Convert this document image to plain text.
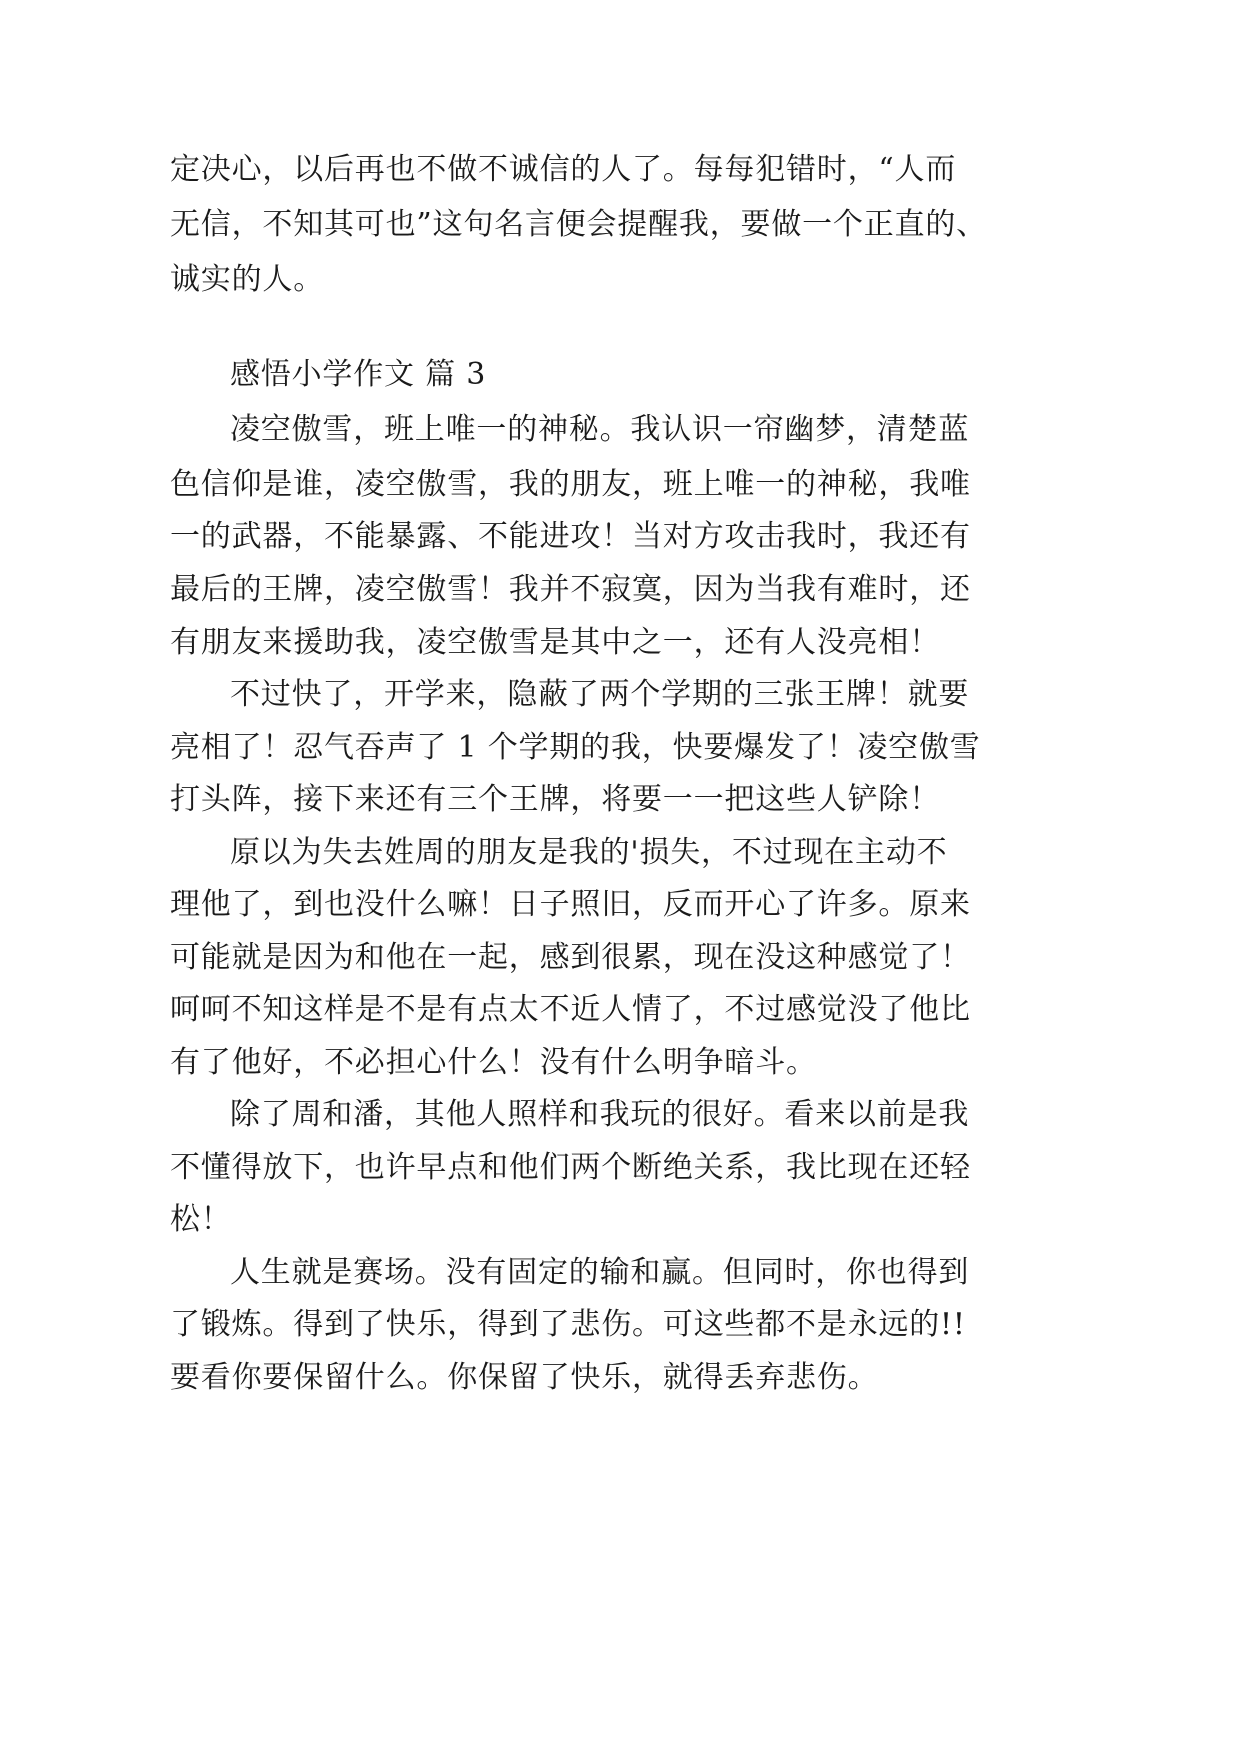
定决心，以后再也不做不诚信的人了。每每犯错时，“人而
无信，不知其可也”这句名言便会提醒我，要做一个正直的、
诚实的人。
感悟小学作文 篇 3
凌空傲雪，班上唯一的神秘。我认识一帘幽梦，清楚蓝
色信仰是谁，凌空傲雪，我的朋友，班上唯一的神秘，我唯
一的武器，不能暴露、不能进攻！当对方攻击我时，我还有
最后的王牌，凌空傲雪！我并不寂寞，因为当我有难时，还
有朋友来援助我，凌空傲雪是其中之一，还有人没亮相！
不过快了，开学来，隐蔽了两个学期的三张王牌！就要
亮相了！忍气吞声了 1 个学期的我，快要爆发了！凌空傲雪
打头阵，接下来还有三个王牌，将要一一把这些人铲除！
原以为失去姓周的朋友是我的'损失，不过现在主动不
理他了，到也没什么嘛！日子照旧，反而开心了许多。原来
可能就是因为和他在一起，感到很累，现在没这种感觉了！
呵呵不知这样是不是有点太不近人情了，不过感觉没了他比
有了他好，不必担心什么！没有什么明争暗斗。
除了周和潘，其他人照样和我玩的很好。看来以前是我
不懂得放下，也许早点和他们两个断绝关系，我比现在还轻
松！
人生就是赛场。没有固定的输和赢。但同时，你也得到
了锻炼。得到了快乐，得到了悲伤。可这些都不是永远的!!
要看你要保留什么。你保留了快乐，就得丢弃悲伤。
